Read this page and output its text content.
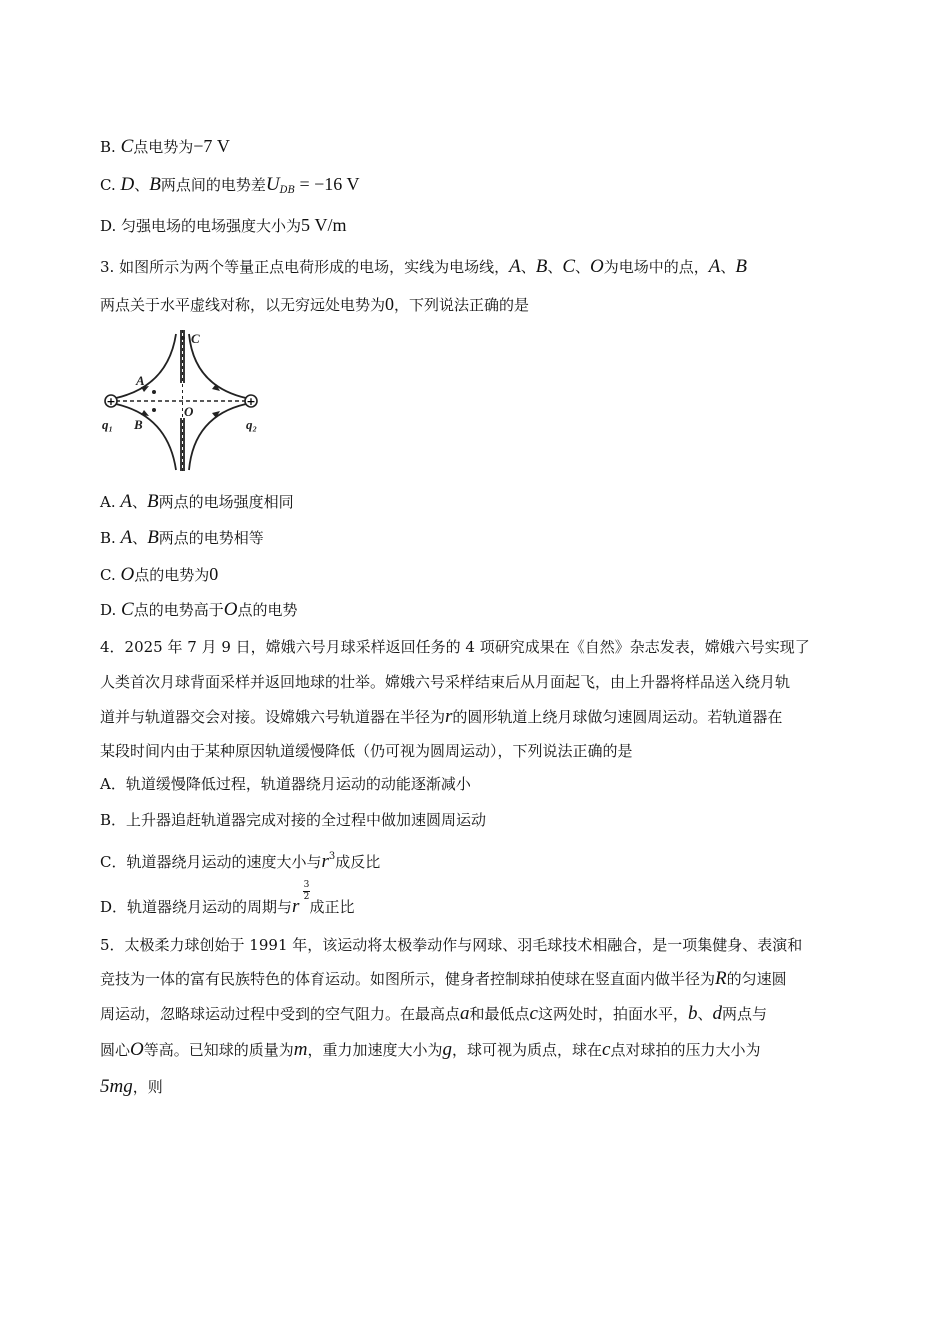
B. C点电势为−7 V
C. D、B两点间的电势差$U_{DB} = -16$ V
D. 匀强电场的电场强度大小为5 V/m
3. 如图所示为两个等量正点电荷形成的电场，实线为电场线，A、B、C、O为电场中的点，A、B
两点关于水平虚线对称，以无穷远处电势为0，下列说法正确的是
+	+
C
A
O
B
q₁	q₂
A. A、B两点的电场强度相同
B. A、B两点的电势相等
C. O点的电势为0
D. C点的电势高于O点的电势
4．2025 年 7 月 9 日，嫦娥六号月球采样返回任务的 4 项研究成果在《自然》杂志发表，嫦娥六号实现了
人类首次月球背面采样并返回地球的壮举。嫦娥六号采样结束后从月面起飞，由上升器将样品送入绕月轨
道并与轨道器交会对接。设嫦娥六号轨道器在半径为r的圆形轨道上绕月球做匀速圆周运动。若轨道器在
某段时间内由于某种原因轨道缓慢降低（仍可视为圆周运动），下列说法正确的是
A．轨道缓慢降低过程，轨道器绕月运动的动能逐渐减小
B．上升器追赶轨道器完成对接的全过程中做加速圆周运动
C．轨道器绕月运动的速度大小与$r^3$成反比
D．轨道器绕月运动的周期与r
3
2
成正比
5．太极柔力球创始于 1991 年，该运动将太极拳动作与网球、羽毛球技术相融合，是一项集健身、表演和
竞技为一体的富有民族特色的体育运动。如图所示，健身者控制球拍使球在竖直面内做半径为R的匀速圆
周运动，忽略球运动过程中受到的空气阻力。在最高点a和最低点c这两处时，拍面水平，b、d两点与
圆心O等高。已知球的质量为m，重力加速度大小为g，球可视为质点，球在c点对球拍的压力大小为
5mg，则
